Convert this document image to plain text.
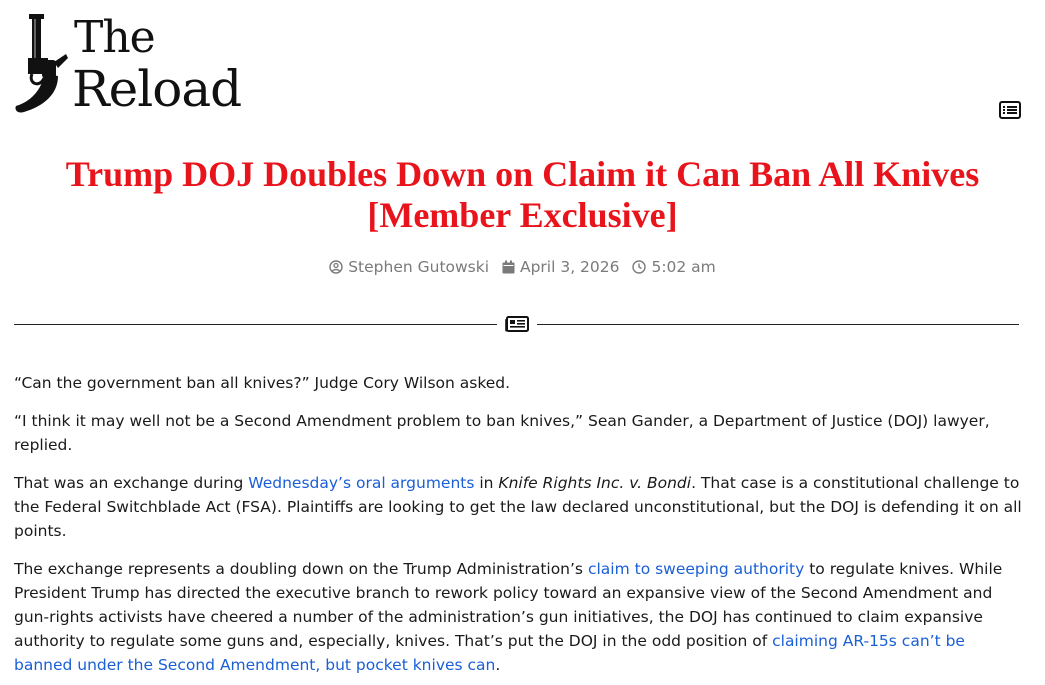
The
Reload
Trump DOJ Doubles Down on Claim it Can Ban All Knives [Member Exclusive]
Stephen Gutowski
April 3, 2026
5:02 am

“Can the government ban all knives?” Judge Cory Wilson asked.

“I think it may well not be a Second Amendment problem to ban knives,” Sean Gander, a Department of Justice (DOJ) lawyer, replied.

That was an exchange during Wednesday’s oral arguments in Knife Rights Inc. v. Bondi. That case is a constitutional challenge to the Federal Switchblade Act (FSA). Plaintiffs are looking to get the law declared unconstitutional, but the DOJ is defending it on all points.

The exchange represents a doubling down on the Trump Administration’s claim to sweeping authority to regulate knives. While President Trump has directed the executive branch to rework policy toward an expansive view of the Second Amendment and gun-rights activists have cheered a number of the administration’s gun initiatives, the DOJ has continued to claim expansive authority to regulate some guns and, especially, knives. That’s put the DOJ in the odd position of claiming AR-15s can’t be banned under the Second Amendment, but pocket knives can.
